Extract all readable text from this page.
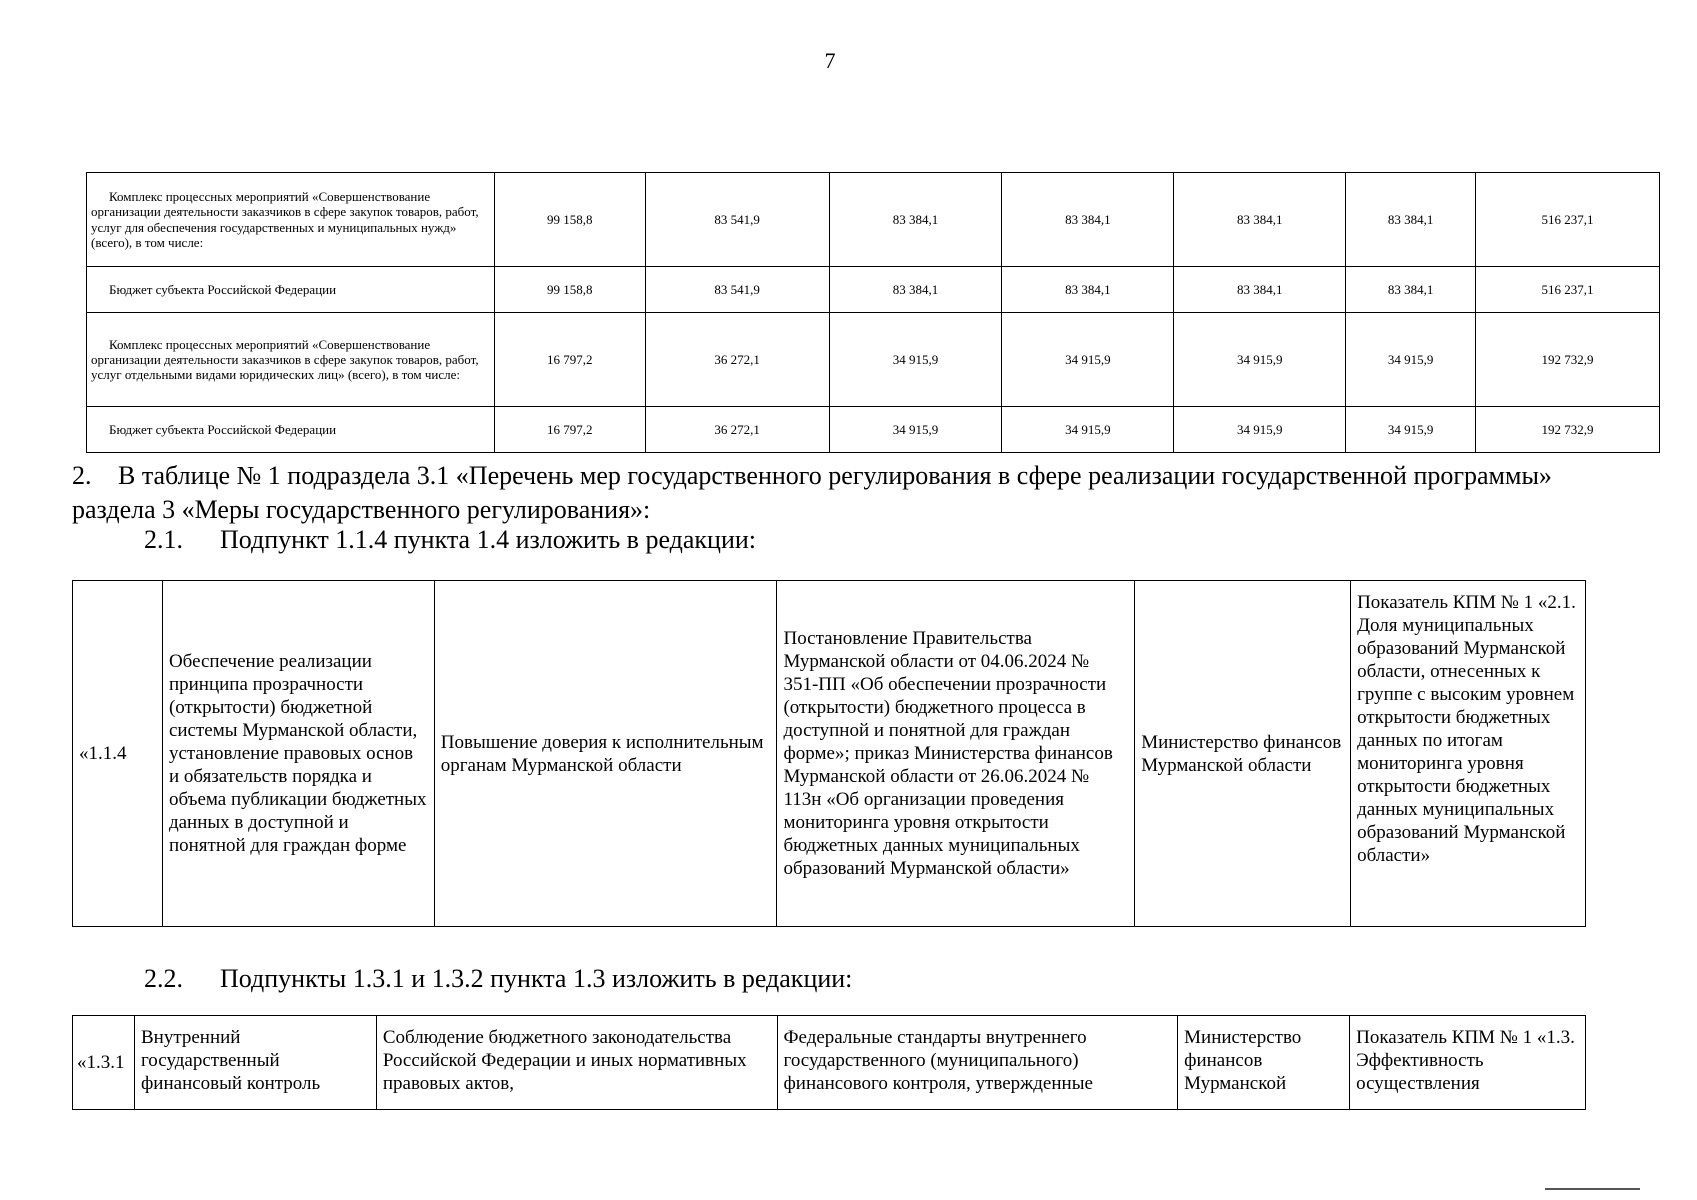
7
Комплекс процессных мероприятий «Совершенствование организации деятельности заказчиков в сфере закупок товаров, работ, услуг для обеспечения государственных и муниципальных нужд» (всего), в том числе:	99 158,8	83 541,9	83 384,1	83 384,1	83 384,1	83 384,1	516 237,1
Бюджет субъекта Российской Федерации	99 158,8	83 541,9	83 384,1	83 384,1	83 384,1	83 384,1	516 237,1
Комплекс процессных мероприятий «Совершенствование организации деятельности заказчиков в сфере закупок товаров, работ, услуг отдельными видами юридических лиц» (всего), в том числе:	16 797,2	36 272,1	34 915,9	34 915,9	34 915,9	34 915,9	192 732,9
Бюджет субъекта Российской Федерации	16 797,2	36 272,1	34 915,9	34 915,9	34 915,9	34 915,9	192 732,9
2. В таблице № 1 подраздела 3.1 «Перечень мер государственного регулирования в сфере реализации государственной программы» раздела 3 «Меры государственного регулирования»:
2.1. Подпункт 1.1.4 пункта 1.4 изложить в редакции:
«1.1.4	Обеспечение реализации принципа прозрачности (открытости) бюджетной системы Мурманской области, установление правовых основ и обязательств порядка и объема публикации бюджетных данных в доступной и понятной для граждан форме	Повышение доверия к исполнительным органам Мурманской области	Постановление Правительства Мурманской области от 04.06.2024 № 351-ПП «Об обеспечении прозрачности (открытости) бюджетного процесса в доступной и понятной для граждан форме»; приказ Министерства финансов Мурманской области от 26.06.2024 № 113н «Об организации проведения мониторинга уровня открытости бюджетных данных муниципальных образований Мурманской области»	Министерство финансов Мурманской области	Показатель КПМ № 1 «2.1. Доля муниципальных образований Мурманской области, отнесенных к группе с высоким уровнем открытости бюджетных данных по итогам мониторинга уровня открытости бюджетных данных муниципальных образований Мурманской области»
2.2. Подпункты 1.3.1 и 1.3.2 пункта 1.3 изложить в редакции:
«1.3.1	Внутренний государственный финансовый контроль	Соблюдение бюджетного законодательства Российской Федерации и иных нормативных правовых актов,	Федеральные стандарты внутреннего государственного (муниципального) финансового контроля, утвержденные	Министерство финансов Мурманской	Показатель КПМ № 1 «1.3. Эффективность осуществления
